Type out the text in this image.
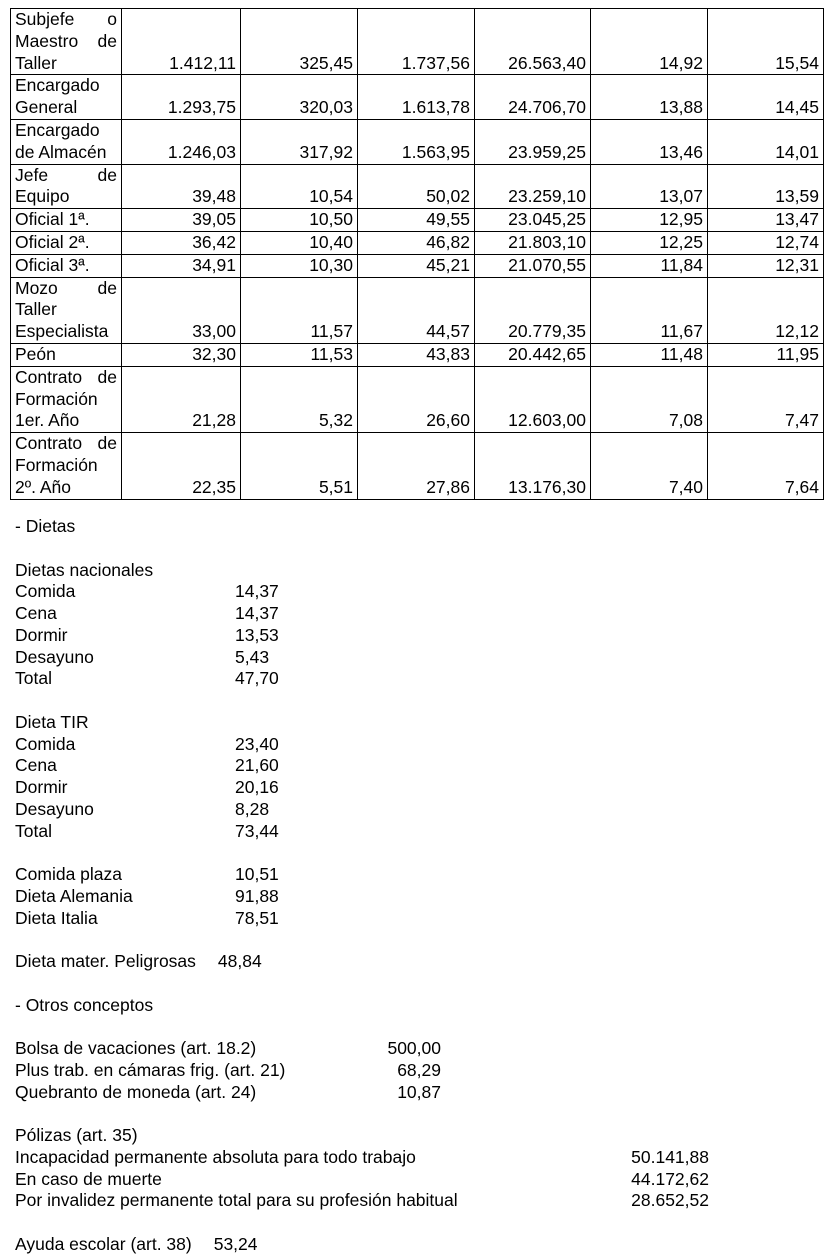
Subjefe o
Maestro de
Taller	1.412,11	325,45	1.737,56	26.563,40	14,92	15,54

Encargado
General	1.293,75	320,03	1.613,78	24.706,70	13,88	14,45

Encargado
de Almacén	1.246,03	317,92	1.563,95	23.959,25	13,46	14,01

Jefe de
Equipo	39,48	10,54	50,02	23.259,10	13,07	13,59

Oficial 1ª.	39,05	10,50	49,55	23.045,25	12,95	13,47

Oficial 2ª.	36,42	10,40	46,82	21.803,10	12,25	12,74

Oficial 3ª.	34,91	10,30	45,21	21.070,55	11,84	12,31

Mozo de
Taller
Especialista	33,00	11,57	44,57	20.779,35	11,67	12,12

Peón	32,30	11,53	43,83	20.442,65	11,48	11,95

Contrato de
Formación
1er. Año	21,28	5,32	26,60	12.603,00	7,08	7,47

Contrato de
Formación
2º. Año	22,35	5,51	27,86	13.176,30	7,40	7,64
- Dietas
Dietas nacionales
Comida	14,37
Cena	14,37
Dormir	13,53
Desayuno	5,43
Total	47,70
Dieta TIR
Comida	23,40
Cena	21,60
Dormir	20,16
Desayuno	8,28
Total	73,44
Comida plaza	10,51
Dieta Alemania	91,88
Dieta Italia	78,51
Dieta mater. Peligrosas 48,84
- Otros conceptos
Bolsa de vacaciones (art. 18.2)	500,00
Plus trab. en cámaras frig. (art. 21)	68,29
Quebranto de moneda (art. 24)	10,87
Pólizas (art. 35)
Incapacidad permanente absoluta para todo trabajo	50.141,88
En caso de muerte	44.172,62
Por invalidez permanente total para su profesión habitual	28.652,52
Ayuda escolar (art. 38) 53,24
